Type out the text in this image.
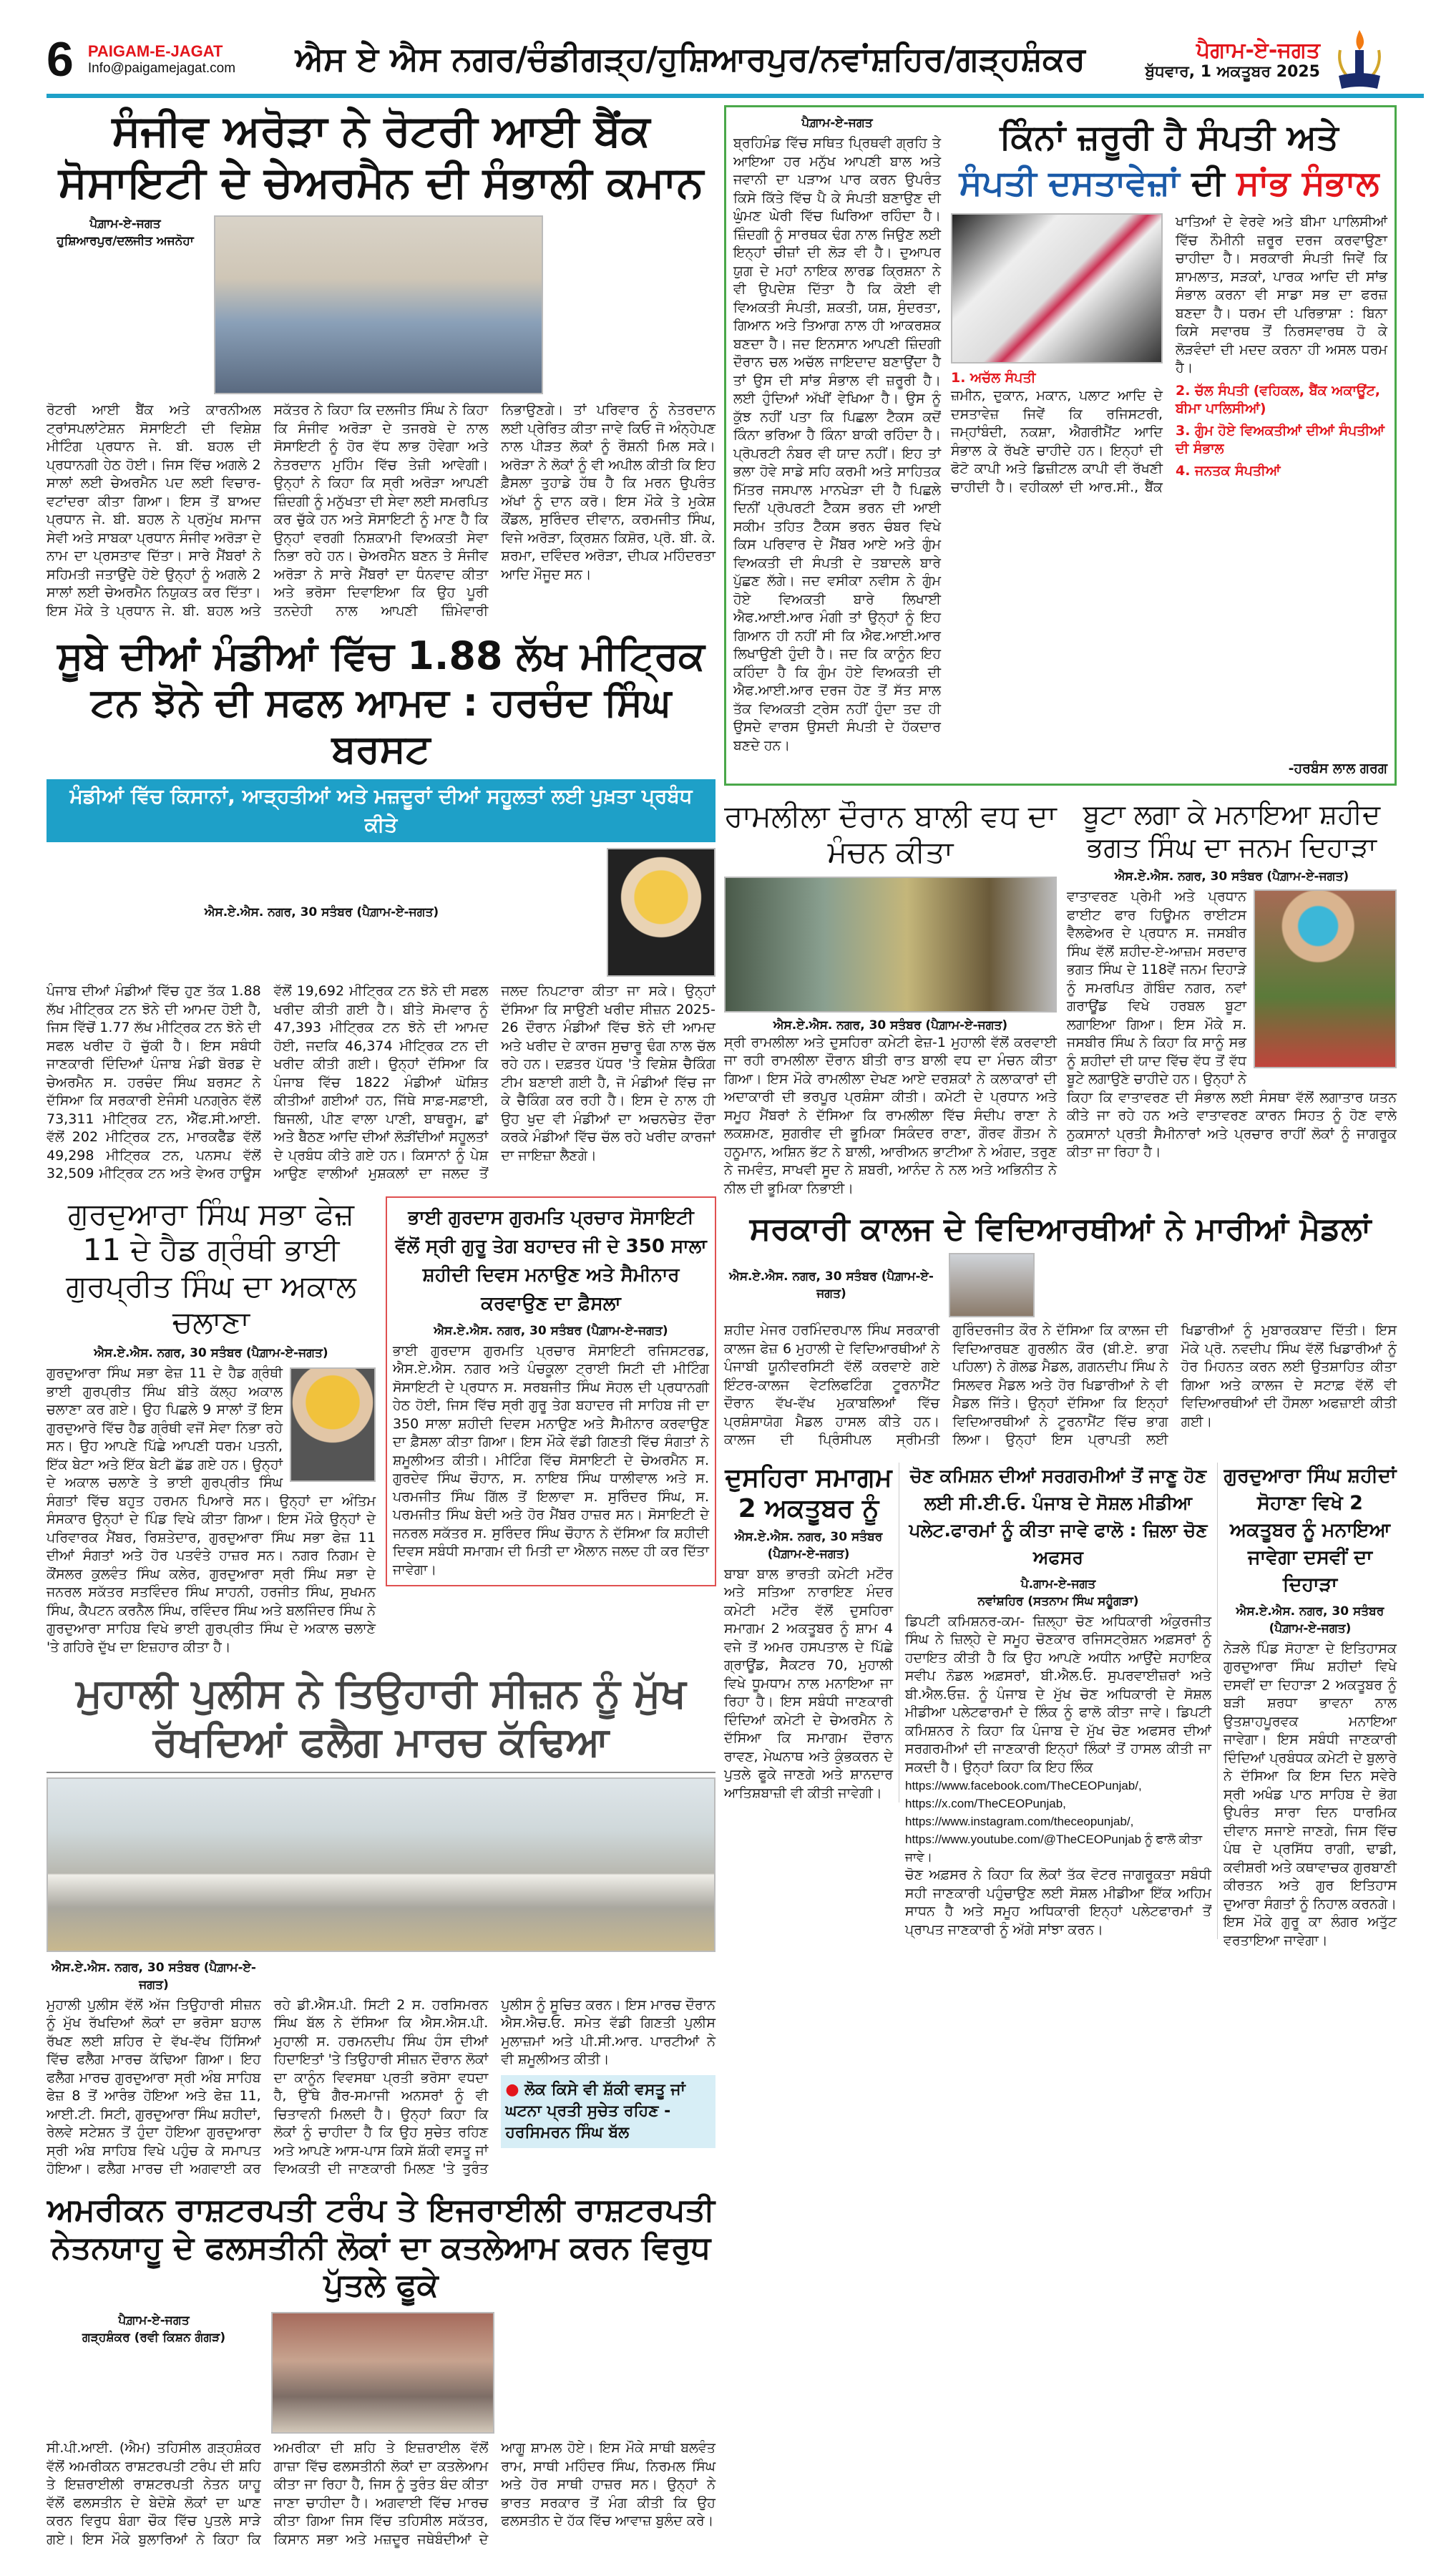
6 PAIGAM-E-JAGAT
Info@paigamejagat.com	ਐਸ ਏ ਐਸ ਨਗਰ/ਚੰਡੀਗੜ੍ਹ/ਹੁਸ਼ਿਆਰਪੁਰ/ਨਵਾਂਸ਼ਹਿਰ/ਗੜ੍ਹਸ਼ੰਕਰ	ਪੈਗਾਮ-ਏ-ਜਗਤ
ਬੁੱਧਵਾਰ, 1 ਅਕਤੂਬਰ 2025
ਸੰਜੀਵ ਅਰੋੜਾ ਨੇ ਰੋਟਰੀ ਆਈ ਬੈਂਕ ਸੋਸਾਇਟੀ ਦੇ ਚੇਅਰਮੈਨ ਦੀ ਸੰਭਾਲੀ ਕਮਾਨ
ਪੈਗ਼ਾਮ-ਏ-ਜਗਤ
ਹੁਸ਼ਿਆਰਪੁਰ/ਦਲਜੀਤ ਅਜਨੋਹਾ
ਰੋਟਰੀ ਆਈ ਬੈਂਕ ਅਤੇ ਕਾਰਨੀਅਲ ਟ੍ਰਾਂਸਪਲਾਂਟੇਸ਼ਨ ਸੋਸਾਇਟੀ ਦੀ ਵਿਸ਼ੇਸ਼ ਮੀਟਿੰਗ ਪ੍ਰਧਾਨ ਜੇ. ਬੀ. ਬਹਲ ਦੀ ਪ੍ਰਧਾਨਗੀ ਹੇਠ ਹੋਈ। ਜਿਸ ਵਿੱਚ ਅਗਲੇ 2 ਸਾਲਾਂ ਲਈ ਚੇਅਰਮੈਨ ਪਦ ਲਈ ਵਿਚਾਰ-ਵਟਾਂਦਰਾ ਕੀਤਾ ਗਿਆ। ਇਸ ਤੋਂ ਬਾਅਦ ਪ੍ਰਧਾਨ ਜੇ. ਬੀ. ਬਹਲ ਨੇ ਪ੍ਰਮੁੱਖ ਸਮਾਜ ਸੇਵੀ ਅਤੇ ਸਾਬਕਾ ਪ੍ਰਧਾਨ ਸੰਜੀਵ ਅਰੋੜਾ ਦੇ ਨਾਮ ਦਾ ਪ੍ਰਸਤਾਵ ਦਿੱਤਾ। ਸਾਰੇ ਮੈਂਬਰਾਂ ਨੇ ਸਹਿਮਤੀ ਜਤਾਉਂਦੇ ਹੋਏ ਉਨ੍ਹਾਂ ਨੂੰ ਅਗਲੇ 2 ਸਾਲਾਂ ਲਈ ਚੇਅਰਮੈਨ ਨਿਯੁਕਤ ਕਰ ਦਿੱਤਾ। ਇਸ ਮੌਕੇ ਤੇ ਪ੍ਰਧਾਨ ਜੇ. ਬੀ. ਬਹਲ ਅਤੇ ਸਕੱਤਰ ਨੇ ਕਿਹਾ ਕਿ ਦਲਜੀਤ ਸਿੰਘ ਨੇ ਕਿਹਾ ਕਿ ਸੰਜੀਵ ਅਰੋੜਾ ਦੇ ਤਜਰਬੇ ਦੇ ਨਾਲ ਸੋਸਾਇਟੀ ਨੂੰ ਹੋਰ ਵੱਧ ਲਾਭ ਹੋਵੇਗਾ ਅਤੇ ਨੇਤਰਦਾਨ ਮੁਹਿੰਮ ਵਿੱਚ ਤੇਜ਼ੀ ਆਵੇਗੀ। ਉਨ੍ਹਾਂ ਨੇ ਕਿਹਾ ਕਿ ਸ੍ਰੀ ਅਰੋੜਾ ਆਪਣੀ ਜ਼ਿੰਦਗੀ ਨੂੰ ਮਨੁੱਖਤਾ ਦੀ ਸੇਵਾ ਲਈ ਸਮਰਪਿਤ ਕਰ ਚੁੱਕੇ ਹਨ ਅਤੇ ਸੋਸਾਇਟੀ ਨੂੰ ਮਾਣ ਹੈ ਕਿ ਉਨ੍ਹਾਂ ਵਰਗੀ ਨਿਸ਼ਕਾਮੀ ਵਿਅਕਤੀ ਸੇਵਾ ਨਿਭਾ ਰਹੇ ਹਨ। ਚੇਅਰਮੈਨ ਬਣਨ ਤੇ ਸੰਜੀਵ ਅਰੋੜਾ ਨੇ ਸਾਰੇ ਮੈਂਬਰਾਂ ਦਾ ਧੰਨਵਾਦ ਕੀਤਾ ਅਤੇ ਭਰੋਸਾ ਦਿਵਾਇਆ ਕਿ ਉਹ ਪੂਰੀ ਤਨਦੇਹੀ ਨਾਲ ਆਪਣੀ ਜ਼ਿੰਮੇਵਾਰੀ ਨਿਭਾਉਣਗੇ। ਤਾਂ ਪਰਿਵਾਰ ਨੂੰ ਨੇਤਰਦਾਨ ਲਈ ਪ੍ਰੇਰਿਤ ਕੀਤਾ ਜਾਵੇ ਕਿਓ ਜੋ ਅੰਨ੍ਹੇਪਣ ਨਾਲ ਪੀੜਤ ਲੋਕਾਂ ਨੂੰ ਰੌਸ਼ਨੀ ਮਿਲ ਸਕੇ। ਅਰੋੜਾ ਨੇ ਲੋਕਾਂ ਨੂੰ ਵੀ ਅਪੀਲ ਕੀਤੀ ਕਿ ਇਹ ਫ਼ੈਸਲਾ ਤੁਹਾਡੇ ਹੱਥ ਹੈ ਕਿ ਮਰਨ ਉਪਰੰਤ ਅੱਖਾਂ ਨੂੰ ਦਾਨ ਕਰੋ। ਇਸ ਮੌਕੇ ਤੇ ਮੁਕੇਸ਼ ਕੌਂਡਲ, ਸੁਰਿੰਦਰ ਦੀਵਾਨ, ਕਰਮਜੀਤ ਸਿੰਘ, ਵਿਜੇ ਅਰੋੜਾ, ਕ੍ਰਿਸ਼ਨ ਕਿਸ਼ੋਰ, ਪ੍ਰੋ. ਬੀ. ਕੇ. ਸ਼ਰਮਾ, ਦਵਿੰਦਰ ਅਰੋੜਾ, ਦੀਪਕ ਮਹਿੰਦਰਤਾ ਆਦਿ ਮੌਜੂਦ ਸਨ।
ਸੂਬੇ ਦੀਆਂ ਮੰਡੀਆਂ ਵਿੱਚ 1.88 ਲੱਖ ਮੀਟ੍ਰਿਕ ਟਨ ਝੋਨੇ ਦੀ ਸਫਲ ਆਮਦ : ਹਰਚੰਦ ਸਿੰਘ ਬਰਸਟ
ਮੰਡੀਆਂ ਵਿੱਚ ਕਿਸਾਨਾਂ, ਆੜ੍ਹਤੀਆਂ ਅਤੇ ਮਜ਼ਦੂਰਾਂ ਦੀਆਂ ਸਹੂਲਤਾਂ ਲਈ ਪੁਖ਼ਤਾ ਪ੍ਰਬੰਧ ਕੀਤੇ
ਐਸ.ਏ.ਐਸ. ਨਗਰ, 30 ਸਤੰਬਰ (ਪੈਗ਼ਾਮ-ਏ-ਜਗਤ)
ਪੰਜਾਬ ਦੀਆਂ ਮੰਡੀਆਂ ਵਿੱਚ ਹੁਣ ਤੱਕ 1.88 ਲੱਖ ਮੀਟ੍ਰਿਕ ਟਨ ਝੋਨੇ ਦੀ ਆਮਦ ਹੋਈ ਹੈ, ਜਿਸ ਵਿੱਚੋਂ 1.77 ਲੱਖ ਮੀਟ੍ਰਿਕ ਟਨ ਝੋਨੇ ਦੀ ਸਫਲ ਖਰੀਦ ਹੋ ਚੁੱਕੀ ਹੈ। ਇਸ ਸਬੰਧੀ ਜਾਣਕਾਰੀ ਦਿੰਦਿਆਂ ਪੰਜਾਬ ਮੰਡੀ ਬੋਰਡ ਦੇ ਚੇਅਰਮੈਨ ਸ. ਹਰਚੰਦ ਸਿੰਘ ਬਰਸਟ ਨੇ ਦੱਸਿਆ ਕਿ ਸਰਕਾਰੀ ਏਜੰਸੀ ਪਨਗ੍ਰੇਨ ਵੱਲੋਂ 73,311 ਮੀਟ੍ਰਿਕ ਟਨ, ਐੱਫ.ਸੀ.ਆਈ. ਵੱਲੋਂ 202 ਮੀਟ੍ਰਿਕ ਟਨ, ਮਾਰਕਫੈੱਡ ਵੱਲੋਂ 49,298 ਮੀਟ੍ਰਿਕ ਟਨ, ਪਨਸਪ ਵੱਲੋਂ 32,509 ਮੀਟ੍ਰਿਕ ਟਨ ਅਤੇ ਵੇਅਰ ਹਾਊਸ ਵੱਲੋਂ 19,692 ਮੀਟ੍ਰਿਕ ਟਨ ਝੋਨੇ ਦੀ ਸਫਲ ਖਰੀਦ ਕੀਤੀ ਗਈ ਹੈ। ਬੀਤੇ ਸੋਮਵਾਰ ਨੂੰ 47,393 ਮੀਟ੍ਰਿਕ ਟਨ ਝੋਨੇ ਦੀ ਆਮਦ ਹੋਈ, ਜਦਕਿ 46,374 ਮੀਟ੍ਰਿਕ ਟਨ ਦੀ ਖਰੀਦ ਕੀਤੀ ਗਈ। ਉਨ੍ਹਾਂ ਦੱਸਿਆ ਕਿ ਪੰਜਾਬ ਵਿੱਚ 1822 ਮੰਡੀਆਂ ਘੋਸ਼ਿਤ ਕੀਤੀਆਂ ਗਈਆਂ ਹਨ, ਜਿੱਥੇ ਸਾਫ਼-ਸਫ਼ਾਈ, ਬਿਜਲੀ, ਪੀਣ ਵਾਲਾ ਪਾਣੀ, ਬਾਥਰੂਮ, ਛਾਂ ਅਤੇ ਬੈਠਣ ਆਦਿ ਦੀਆਂ ਲੋੜੀਂਦੀਆਂ ਸਹੂਲਤਾਂ ਦੇ ਪ੍ਰਬੰਧ ਕੀਤੇ ਗਏ ਹਨ। ਕਿਸਾਨਾਂ ਨੂੰ ਪੇਸ਼ ਆਉਣ ਵਾਲੀਆਂ ਮੁਸ਼ਕਲਾਂ ਦਾ ਜਲਦ ਤੋਂ ਜਲਦ ਨਿਪਟਾਰਾ ਕੀਤਾ ਜਾ ਸਕੇ। ਉਨ੍ਹਾਂ ਦੱਸਿਆ ਕਿ ਸਾਉਣੀ ਖਰੀਦ ਸੀਜ਼ਨ 2025-26 ਦੌਰਾਨ ਮੰਡੀਆਂ ਵਿੱਚ ਝੋਨੇ ਦੀ ਆਮਦ ਅਤੇ ਖਰੀਦ ਦੇ ਕਾਰਜ ਸੁਚਾਰੂ ਢੰਗ ਨਾਲ ਚੱਲ ਰਹੇ ਹਨ। ਦਫ਼ਤਰ ਪੱਧਰ 'ਤੇ ਵਿਸ਼ੇਸ਼ ਚੈਕਿੰਗ ਟੀਮ ਬਣਾਈ ਗਈ ਹੈ, ਜੋ ਮੰਡੀਆਂ ਵਿੱਚ ਜਾ ਕੇ ਚੈਕਿੰਗ ਕਰ ਰਹੀ ਹੈ। ਇਸ ਦੇ ਨਾਲ ਹੀ ਉਹ ਖੁਦ ਵੀ ਮੰਡੀਆਂ ਦਾ ਅਚਨਚੇਤ ਦੌਰਾ ਕਰਕੇ ਮੰਡੀਆਂ ਵਿੱਚ ਚੱਲ ਰਹੇ ਖਰੀਦ ਕਾਰਜਾਂ ਦਾ ਜਾਇਜ਼ਾ ਲੈਣਗੇ।
ਗੁਰਦੁਆਰਾ ਸਿੰਘ ਸਭਾ ਫੇਜ਼ 11 ਦੇ ਹੈਡ ਗ੍ਰੰਥੀ ਭਾਈ ਗੁਰਪ੍ਰੀਤ ਸਿੰਘ ਦਾ ਅਕਾਲ ਚਲਾਣਾ
ਐਸ.ਏ.ਐਸ. ਨਗਰ, 30 ਸਤੰਬਰ (ਪੈਗ਼ਾਮ-ਏ-ਜਗਤ)
ਗੁਰਦੁਆਰਾ ਸਿੰਘ ਸਭਾ ਫੇਜ਼ 11 ਦੇ ਹੈਡ ਗ੍ਰੰਥੀ ਭਾਈ ਗੁਰਪ੍ਰੀਤ ਸਿੰਘ ਬੀਤੇ ਕੱਲ੍ਹ ਅਕਾਲ ਚਲਾਣਾ ਕਰ ਗਏ। ਉਹ ਪਿਛਲੇ 9 ਸਾਲਾਂ ਤੋਂ ਇਸ ਗੁਰਦੁਆਰੇ ਵਿੱਚ ਹੈਡ ਗ੍ਰੰਥੀ ਵਜੋਂ ਸੇਵਾ ਨਿਭਾ ਰਹੇ ਸਨ। ਉਹ ਆਪਣੇ ਪਿੱਛੇ ਆਪਣੀ ਧਰਮ ਪਤਨੀ, ਇੱਕ ਬੇਟਾ ਅਤੇ ਇੱਕ ਬੇਟੀ ਛੱਡ ਗਏ ਹਨ। ਉਨ੍ਹਾਂ ਦੇ ਅਕਾਲ ਚਲਾਣੇ ਤੇ ਭਾਈ ਗੁਰਪ੍ਰੀਤ ਸਿੰਘ ਸੰਗਤਾਂ ਵਿੱਚ ਬਹੁਤ ਹਰਮਨ ਪਿਆਰੇ ਸਨ। ਉਨ੍ਹਾਂ ਦਾ ਅੰਤਿਮ ਸੰਸਕਾਰ ਉਨ੍ਹਾਂ ਦੇ ਪਿੰਡ ਵਿਖੇ ਕੀਤਾ ਗਿਆ। ਇਸ ਮੌਕੇ ਉਨ੍ਹਾਂ ਦੇ ਪਰਿਵਾਰਕ ਮੈਂਬਰ, ਰਿਸ਼ਤੇਦਾਰ, ਗੁਰਦੁਆਰਾ ਸਿੰਘ ਸਭਾ ਫੇਜ਼ 11 ਦੀਆਂ ਸੰਗਤਾਂ ਅਤੇ ਹੋਰ ਪਤਵੰਤੇ ਹਾਜ਼ਰ ਸਨ। ਨਗਰ ਨਿਗਮ ਦੇ ਕੌਂਸਲਰ ਕੁਲਵੰਤ ਸਿੰਘ ਕਲੇਰ, ਗੁਰਦੁਆਰਾ ਸ੍ਰੀ ਸਿੰਘ ਸਭਾ ਦੇ ਜਨਰਲ ਸਕੱਤਰ ਸਤਵਿੰਦਰ ਸਿੰਘ ਸਾਹਨੀ, ਹਰਜੀਤ ਸਿੰਘ, ਸੁਖਮਨ ਸਿੰਘ, ਕੈਪਟਨ ਕਰਨੈਲ ਸਿੰਘ, ਰਵਿੰਦਰ ਸਿੰਘ ਅਤੇ ਬਲਜਿੰਦਰ ਸਿੰਘ ਨੇ ਗੁਰਦੁਆਰਾ ਸਾਹਿਬ ਵਿਖੇ ਭਾਈ ਗੁਰਪ੍ਰੀਤ ਸਿੰਘ ਦੇ ਅਕਾਲ ਚਲਾਣੇ 'ਤੇ ਗਹਿਰੇ ਦੁੱਖ ਦਾ ਇਜ਼ਹਾਰ ਕੀਤਾ ਹੈ।
ਭਾਈ ਗੁਰਦਾਸ ਗੁਰਮਤਿ ਪ੍ਰਚਾਰ ਸੋਸਾਇਟੀ ਵੱਲੋਂ ਸ੍ਰੀ ਗੁਰੂ ਤੇਗ ਬਹਾਦਰ ਜੀ ਦੇ 350 ਸਾਲਾ ਸ਼ਹੀਦੀ ਦਿਵਸ ਮਨਾਉਣ ਅਤੇ ਸੈਮੀਨਾਰ ਕਰਵਾਉਣ ਦਾ ਫ਼ੈਸਲਾ
ਐਸ.ਏ.ਐਸ. ਨਗਰ, 30 ਸਤੰਬਰ (ਪੈਗ਼ਾਮ-ਏ-ਜਗਤ)
ਭਾਈ ਗੁਰਦਾਸ ਗੁਰਮਤਿ ਪ੍ਰਚਾਰ ਸੋਸਾਇਟੀ ਰਜਿਸਟਰਡ, ਐਸ.ਏ.ਐਸ. ਨਗਰ ਅਤੇ ਪੰਚਕੂਲਾ ਟ੍ਰਾਈ ਸਿਟੀ ਦੀ ਮੀਟਿੰਗ ਸੋਸਾਇਟੀ ਦੇ ਪ੍ਰਧਾਨ ਸ. ਸਰਬਜੀਤ ਸਿੰਘ ਸੋਹਲ ਦੀ ਪ੍ਰਧਾਨਗੀ ਹੇਠ ਹੋਈ, ਜਿਸ ਵਿੱਚ ਸ੍ਰੀ ਗੁਰੂ ਤੇਗ ਬਹਾਦਰ ਜੀ ਸਾਹਿਬ ਜੀ ਦਾ 350 ਸਾਲਾ ਸ਼ਹੀਦੀ ਦਿਵਸ ਮਨਾਉਣ ਅਤੇ ਸੈਮੀਨਾਰ ਕਰਵਾਉਣ ਦਾ ਫ਼ੈਸਲਾ ਕੀਤਾ ਗਿਆ। ਇਸ ਮੌਕੇ ਵੱਡੀ ਗਿਣਤੀ ਵਿੱਚ ਸੰਗਤਾਂ ਨੇ ਸ਼ਮੂਲੀਅਤ ਕੀਤੀ। ਮੀਟਿੰਗ ਵਿੱਚ ਸੋਸਾਇਟੀ ਦੇ ਚੇਅਰਮੈਨ ਸ. ਗੁਰਦੇਵ ਸਿੰਘ ਚੌਹਾਨ, ਸ. ਨਾਇਬ ਸਿੰਘ ਧਾਲੀਵਾਲ ਅਤੇ ਸ. ਪਰਮਜੀਤ ਸਿੰਘ ਗਿੱਲ ਤੋਂ ਇਲਾਵਾ ਸ. ਸੁਰਿੰਦਰ ਸਿੰਘ, ਸ. ਪਰਮਜੀਤ ਸਿੰਘ ਬੇਦੀ ਅਤੇ ਹੋਰ ਮੈਂਬਰ ਹਾਜ਼ਰ ਸਨ। ਸੋਸਾਇਟੀ ਦੇ ਜਨਰਲ ਸਕੱਤਰ ਸ. ਸੁਰਿੰਦਰ ਸਿੰਘ ਚੌਹਾਨ ਨੇ ਦੱਸਿਆ ਕਿ ਸ਼ਹੀਦੀ ਦਿਵਸ ਸਬੰਧੀ ਸਮਾਗਮ ਦੀ ਮਿਤੀ ਦਾ ਐਲਾਨ ਜਲਦ ਹੀ ਕਰ ਦਿੱਤਾ ਜਾਵੇਗਾ।
ਮੁਹਾਲੀ ਪੁਲੀਸ ਨੇ ਤਿਉਹਾਰੀ ਸੀਜ਼ਨ ਨੂੰ ਮੁੱਖ ਰੱਖਦਿਆਂ ਫਲੈਗ ਮਾਰਚ ਕੱਢਿਆ
ਐਸ.ਏ.ਐਸ. ਨਗਰ, 30 ਸਤੰਬਰ (ਪੈਗ਼ਾਮ-ਏ-ਜਗਤ)
ਮੁਹਾਲੀ ਪੁਲੀਸ ਵੱਲੋਂ ਅੱਜ ਤਿਉਹਾਰੀ ਸੀਜ਼ਨ ਨੂੰ ਮੁੱਖ ਰੱਖਦਿਆਂ ਲੋਕਾਂ ਦਾ ਭਰੋਸਾ ਬਹਾਲ ਰੱਖਣ ਲਈ ਸ਼ਹਿਰ ਦੇ ਵੱਖ-ਵੱਖ ਹਿੱਸਿਆਂ ਵਿੱਚ ਫਲੈਗ ਮਾਰਚ ਕੱਢਿਆ ਗਿਆ। ਇਹ ਫਲੈਗ ਮਾਰਚ ਗੁਰਦੁਆਰਾ ਸ੍ਰੀ ਅੰਬ ਸਾਹਿਬ ਫੇਜ਼ 8 ਤੋਂ ਆਰੰਭ ਹੋਇਆ ਅਤੇ ਫੇਜ਼ 11, ਆਈ.ਟੀ. ਸਿਟੀ, ਗੁਰਦੁਆਰਾ ਸਿੰਘ ਸ਼ਹੀਦਾਂ, ਰੇਲਵੇ ਸਟੇਸ਼ਨ ਤੋਂ ਹੁੰਦਾ ਹੋਇਆ ਗੁਰਦੁਆਰਾ ਸ੍ਰੀ ਅੰਬ ਸਾਹਿਬ ਵਿਖੇ ਪਹੁੰਚ ਕੇ ਸਮਾਪਤ ਹੋਇਆ। ਫਲੈਗ ਮਾਰਚ ਦੀ ਅਗਵਾਈ ਕਰ ਰਹੇ ਡੀ.ਐਸ.ਪੀ. ਸਿਟੀ 2 ਸ. ਹਰਸਿਮਰਨ ਸਿੰਘ ਬੱਲ ਨੇ ਦੱਸਿਆ ਕਿ ਐਸ.ਐਸ.ਪੀ. ਮੁਹਾਲੀ ਸ. ਹਰਮਨਦੀਪ ਸਿੰਘ ਹੰਸ ਦੀਆਂ ਹਿਦਾਇਤਾਂ 'ਤੇ ਤਿਉਹਾਰੀ ਸੀਜ਼ਨ ਦੌਰਾਨ ਲੋਕਾਂ ਦਾ ਕਾਨੂੰਨ ਵਿਵਸਥਾ ਪ੍ਰਤੀ ਭਰੋਸਾ ਵਧਦਾ ਹੈ, ਉੱਥੇ ਗੈਰ-ਸਮਾਜੀ ਅਨਸਰਾਂ ਨੂੰ ਵੀ ਚਿਤਾਵਨੀ ਮਿਲਦੀ ਹੈ। ਉਨ੍ਹਾਂ ਕਿਹਾ ਕਿ ਲੋਕਾਂ ਨੂੰ ਚਾਹੀਦਾ ਹੈ ਕਿ ਉਹ ਸੁਚੇਤ ਰਹਿਣ ਅਤੇ ਆਪਣੇ ਆਸ-ਪਾਸ ਕਿਸੇ ਸ਼ੱਕੀ ਵਸਤੂ ਜਾਂ ਵਿਅਕਤੀ ਦੀ ਜਾਣਕਾਰੀ ਮਿਲਣ 'ਤੇ ਤੁਰੰਤ ਪੁਲੀਸ ਨੂੰ ਸੂਚਿਤ ਕਰਨ। ਇਸ ਮਾਰਚ ਦੌਰਾਨ ਐਸ.ਐਚ.ਓ. ਸਮੇਤ ਵੱਡੀ ਗਿਣਤੀ ਪੁਲੀਸ ਮੁਲਾਜ਼ਮਾਂ ਅਤੇ ਪੀ.ਸੀ.ਆਰ. ਪਾਰਟੀਆਂ ਨੇ ਵੀ ਸ਼ਮੂਲੀਅਤ ਕੀਤੀ।
● ਲੋਕ ਕਿਸੇ ਵੀ ਸ਼ੱਕੀ ਵਸਤੂ ਜਾਂ ਘਟਨਾ ਪ੍ਰਤੀ ਸੁਚੇਤ ਰਹਿਣ - ਹਰਸਿਮਰਨ ਸਿੰਘ ਬੱਲ
ਅਮਰੀਕਨ ਰਾਸ਼ਟਰਪਤੀ ਟਰੰਪ ਤੇ ਇਜਰਾਈਲੀ ਰਾਸ਼ਟਰਪਤੀ ਨੇਤਨਯਾਹੂ ਦੇ ਫਲਸਤੀਨੀ ਲੋਕਾਂ ਦਾ ਕਤਲੇਆਮ ਕਰਨ ਵਿਰੁਧ ਪੁੱਤਲੇ ਫੂਕੇ
ਪੈਗ਼ਾਮ-ਏ-ਜਗਤ
ਗੜ੍ਹਸ਼ੰਕਰ (ਰਵੀ ਕਿਸ਼ਨ ਗੰਗੜ)
ਸੀ.ਪੀ.ਆਈ. (ਐਮ) ਤਹਿਸੀਲ ਗੜ੍ਹਸ਼ੰਕਰ ਵੱਲੋਂ ਅਮਰੀਕਨ ਰਾਸ਼ਟਰਪਤੀ ਟਰੰਪ ਦੀ ਸ਼ਹਿ ਤੇ ਇਜ਼ਰਾਈਲੀ ਰਾਸ਼ਟਰਪਤੀ ਨੇਤਨ ਯਾਹੂ ਵੱਲੋਂ ਫਲਸਤੀਨ ਦੇ ਬੇਦੋਸ਼ੇ ਲੋਕਾਂ ਦਾ ਘਾਣ ਕਰਨ ਵਿਰੁਧ ਬੰਗਾ ਚੌਕ ਵਿੱਚ ਪੁਤਲੇ ਸਾੜੇ ਗਏ। ਇਸ ਮੌਕੇ ਬੁਲਾਰਿਆਂ ਨੇ ਕਿਹਾ ਕਿ ਅਮਰੀਕਾ ਦੀ ਸ਼ਹਿ ਤੇ ਇਜ਼ਰਾਈਲ ਵੱਲੋਂ ਗਾਜ਼ਾ ਵਿੱਚ ਫਲਸਤੀਨੀ ਲੋਕਾਂ ਦਾ ਕਤਲੇਆਮ ਕੀਤਾ ਜਾ ਰਿਹਾ ਹੈ, ਜਿਸ ਨੂੰ ਤੁਰੰਤ ਬੰਦ ਕੀਤਾ ਜਾਣਾ ਚਾਹੀਦਾ ਹੈ। ਅਗਵਾਈ ਵਿੱਚ ਮਾਰਚ ਕੀਤਾ ਗਿਆ ਜਿਸ ਵਿੱਚ ਤਹਿਸੀਲ ਸਕੱਤਰ, ਕਿਸਾਨ ਸਭਾ ਅਤੇ ਮਜ਼ਦੂਰ ਜਥੇਬੰਦੀਆਂ ਦੇ ਆਗੂ ਸ਼ਾਮਲ ਹੋਏ। ਇਸ ਮੌਕੇ ਸਾਥੀ ਬਲਵੰਤ ਰਾਮ, ਸਾਥੀ ਮਹਿੰਦਰ ਸਿੰਘ, ਨਿਰਮਲ ਸਿੰਘ ਅਤੇ ਹੋਰ ਸਾਥੀ ਹਾਜ਼ਰ ਸਨ। ਉਨ੍ਹਾਂ ਨੇ ਭਾਰਤ ਸਰਕਾਰ ਤੋਂ ਮੰਗ ਕੀਤੀ ਕਿ ਉਹ ਫਲਸਤੀਨ ਦੇ ਹੱਕ ਵਿੱਚ ਆਵਾਜ਼ ਬੁਲੰਦ ਕਰੇ।
ਪੈਗ਼ਾਮ-ਏ-ਜਗਤ
ਬ੍ਰਹਿਮੰਡ ਵਿੱਚ ਸਥਿਤ ਪ੍ਰਿਥਵੀ ਗ੍ਰਹਿ ਤੇ ਆਇਆ ਹਰ ਮਨੁੱਖ ਆਪਣੀ ਬਾਲ ਅਤੇ ਜਵਾਨੀ ਦਾ ਪੜਾਅ ਪਾਰ ਕਰਨ ਉਪਰੰਤ ਕਿਸੇ ਕਿੱਤੇ ਵਿੱਚ ਪੈ ਕੇ ਸੰਪਤੀ ਬਣਾਉਣ ਦੀ ਘੁੰਮਣ ਘੇਰੀ ਵਿੱਚ ਘਿਰਿਆ ਰਹਿੰਦਾ ਹੈ। ਜ਼ਿੰਦਗੀ ਨੂੰ ਸਾਰਥਕ ਢੰਗ ਨਾਲ ਜਿਉਣ ਲਈ ਇਨ੍ਹਾਂ ਚੀਜ਼ਾਂ ਦੀ ਲੋੜ ਵੀ ਹੈ। ਦੁਆਪਰ ਯੁਗ ਦੇ ਮਹਾਂ ਨਾਇਕ ਲਾਰਡ ਕ੍ਰਿਸ਼ਨਾ ਨੇ ਵੀ ਉਪਦੇਸ਼ ਦਿੱਤਾ ਹੈ ਕਿ ਕੋਈ ਵੀ ਵਿਅਕਤੀ ਸੰਪਤੀ, ਸ਼ਕਤੀ, ਯਸ਼, ਸੁੰਦਰਤਾ, ਗਿਆਨ ਅਤੇ ਤਿਆਗ ਨਾਲ ਹੀ ਆਕਰਸ਼ਕ ਬਣਦਾ ਹੈ। ਜਦ ਇਨਸਾਨ ਆਪਣੀ ਜ਼ਿੰਦਗੀ ਦੌਰਾਨ ਚਲ ਅਚੱਲ ਜਾਇਦਾਦ ਬਣਾਉਂਦਾ ਹੈ ਤਾਂ ਉਸ ਦੀ ਸਾਂਭ ਸੰਭਾਲ ਵੀ ਜ਼ਰੂਰੀ ਹੈ। ਲਈ ਹੁੰਦਿਆਂ ਅੱਖੀਂ ਵੇਖਿਆ ਹੈ। ਉਸ ਨੂੰ ਕੁੱਝ ਨਹੀਂ ਪਤਾ ਕਿ ਪਿਛਲਾ ਟੈਕਸ ਕਦੋਂ ਕਿੰਨਾ ਭਰਿਆ ਹੈ ਕਿੰਨਾ ਬਾਕੀ ਰਹਿੰਦਾ ਹੈ। ਪ੍ਰੋਪਰਟੀ ਨੰਬਰ ਵੀ ਯਾਦ ਨਹੀਂ। ਇਹ ਤਾਂ ਭਲਾ ਹੋਵੇ ਸਾਡੇ ਸਹਿ ਕਰਮੀ ਅਤੇ ਸਾਹਿਤਕ ਮਿੱਤਰ ਜਸਪਾਲ ਮਾਨਖੇੜਾ ਦੀ ਹੈ ਪਿਛਲੇ ਦਿਨੀਂ ਪ੍ਰੋਪਰਟੀ ਟੈਕਸ ਭਰਨ ਦੀ ਆਈ ਸਕੀਮ ਤਹਿਤ ਟੈਕਸ ਭਰਨ ਚੰਬਰ ਵਿਖੇ ਕਿਸ ਪਰਿਵਾਰ ਦੇ ਮੈਂਬਰ ਆਏ ਅਤੇ ਗੁੰਮ ਵਿਅਕਤੀ ਦੀ ਸੰਪਤੀ ਦੇ ਤਬਾਦਲੇ ਬਾਰੇ ਪੁੱਛਣ ਲੱਗੇ। ਜਦ ਵਸੀਕਾ ਨਵੀਸ ਨੇ ਗੁੰਮ ਹੋਏ ਵਿਅਕਤੀ ਬਾਰੇ ਲਿਖਾਈ ਐਫ.ਆਈ.ਆਰ ਮੰਗੀ ਤਾਂ ਉਨ੍ਹਾਂ ਨੂੰ ਇਹ ਗਿਆਨ ਹੀ ਨਹੀਂ ਸੀ ਕਿ ਐਫ.ਆਈ.ਆਰ ਲਿਖਾਉਣੀ ਹੁੰਦੀ ਹੈ। ਜਦ ਕਿ ਕਾਨੂੰਨ ਇਹ ਕਹਿੰਦਾ ਹੈ ਕਿ ਗੁੰਮ ਹੋਏ ਵਿਅਕਤੀ ਦੀ ਐਫ.ਆਈ.ਆਰ ਦਰਜ ਹੋਣ ਤੋਂ ਸੱਤ ਸਾਲ ਤੱਕ ਵਿਅਕਤੀ ਟ੍ਰੇਸ ਨਹੀਂ ਹੁੰਦਾ ਤਦ ਹੀ ਉਸਦੇ ਵਾਰਸ ਉਸਦੀ ਸੰਪਤੀ ਦੇ ਹੱਕਦਾਰ ਬਣਦੇ ਹਨ।
ਕਿੰਨਾਂ ਜ਼ਰੂਰੀ ਹੈ ਸੰਪਤੀ ਅਤੇ
ਸੰਪਤੀ ਦਸਤਾਵੇਜ਼ਾਂ ਦੀ ਸਾਂਭ ਸੰਭਾਲ
1. ਅਚੱਲ ਸੰਪਤੀ
ਜ਼ਮੀਨ, ਦੁਕਾਨ, ਮਕਾਨ, ਪਲਾਟ ਆਦਿ ਦੇ ਦਸਤਾਵੇਜ਼ ਜਿਵੇਂ ਕਿ ਰਜਿਸਟਰੀ, ਜਮ੍ਹਾਂਬੰਦੀ, ਨਕਸ਼ਾ, ਐਗਰੀਮੈਂਟ ਆਦਿ ਸੰਭਾਲ ਕੇ ਰੱਖਣੇ ਚਾਹੀਦੇ ਹਨ। ਇਨ੍ਹਾਂ ਦੀ ਫੋਟੋ ਕਾਪੀ ਅਤੇ ਡਿਜ਼ੀਟਲ ਕਾਪੀ ਵੀ ਰੱਖਣੀ ਚਾਹੀਦੀ ਹੈ। ਵਹੀਕਲਾਂ ਦੀ ਆਰ.ਸੀ., ਬੈਂਕ ਖਾਤਿਆਂ ਦੇ ਵੇਰਵੇ ਅਤੇ ਬੀਮਾ ਪਾਲਿਸੀਆਂ ਵਿੱਚ ਨੌਮੀਨੀ ਜ਼ਰੂਰ ਦਰਜ ਕਰਵਾਉਣਾ ਚਾਹੀਦਾ ਹੈ। ਸਰਕਾਰੀ ਸੰਪਤੀ ਜਿਵੇਂ ਕਿ ਸ਼ਾਮਲਾਤ, ਸੜਕਾਂ, ਪਾਰਕ ਆਦਿ ਦੀ ਸਾਂਭ ਸੰਭਾਲ ਕਰਨਾ ਵੀ ਸਾਡਾ ਸਭ ਦਾ ਫਰਜ਼ ਬਣਦਾ ਹੈ। ਧਰਮ ਦੀ ਪਰਿਭਾਸ਼ਾ : ਬਿਨਾ ਕਿਸੇ ਸਵਾਰਥ ਤੋਂ ਨਿਰਸਵਾਰਥ ਹੋ ਕੇ ਲੋੜਵੰਦਾਂ ਦੀ ਮਦਦ ਕਰਨਾ ਹੀ ਅਸਲ ਧਰਮ ਹੈ।
2. ਚੱਲ ਸੰਪਤੀ (ਵਹਿਕਲ, ਬੈਂਕ ਅਕਾਊਂਟ, ਬੀਮਾ ਪਾਲਿਸੀਆਂ)
3. ਗੁੰਮ ਹੋਏ ਵਿਅਕਤੀਆਂ ਦੀਆਂ ਸੰਪਤੀਆਂ ਦੀ ਸੰਭਾਲ
4. ਜਨਤਕ ਸੰਪਤੀਆਂ
-ਹਰਬੰਸ ਲਾਲ ਗਰਗ
ਰਾਮਲੀਲਾ ਦੌਰਾਨ ਬਾਲੀ ਵਧ ਦਾ ਮੰਚਨ ਕੀਤਾ
ਐਸ.ਏ.ਐਸ. ਨਗਰ, 30 ਸਤੰਬਰ (ਪੈਗ਼ਾਮ-ਏ-ਜਗਤ)
ਸ੍ਰੀ ਰਾਮਲੀਲਾ ਅਤੇ ਦੁਸਹਿਰਾ ਕਮੇਟੀ ਫੇਜ਼-1 ਮੁਹਾਲੀ ਵੱਲੋਂ ਕਰਵਾਈ ਜਾ ਰਹੀ ਰਾਮਲੀਲਾ ਦੌਰਾਨ ਬੀਤੀ ਰਾਤ ਬਾਲੀ ਵਧ ਦਾ ਮੰਚਨ ਕੀਤਾ ਗਿਆ। ਇਸ ਮੌਕੇ ਰਾਮਲੀਲਾ ਦੇਖਣ ਆਏ ਦਰਸ਼ਕਾਂ ਨੇ ਕਲਾਕਾਰਾਂ ਦੀ ਅਦਾਕਾਰੀ ਦੀ ਭਰਪੂਰ ਪ੍ਰਸ਼ੰਸਾ ਕੀਤੀ। ਕਮੇਟੀ ਦੇ ਪ੍ਰਧਾਨ ਅਤੇ ਸਮੂਹ ਮੈਂਬਰਾਂ ਨੇ ਦੱਸਿਆ ਕਿ ਰਾਮਲੀਲਾ ਵਿੱਚ ਸੰਦੀਪ ਰਾਣਾ ਨੇ ਲਕਸ਼ਮਣ, ਸੁਗਰੀਵ ਦੀ ਭੂਮਿਕਾ ਸਿਕੰਦਰ ਰਾਣਾ, ਗੌਰਵ ਗੌਤਮ ਨੇ ਹਨੂਮਾਨ, ਅਸ਼ਿਨ ਭੱਟ ਨੇ ਬਾਲੀ, ਆਰੀਅਨ ਭਾਟੀਆ ਨੇ ਅੰਗਦ, ਤਰੁਣ ਨੇ ਜਮਵੰਤ, ਸਾਖਵੀ ਸੂਦ ਨੇ ਸ਼ਬਰੀ, ਆਨੰਦ ਨੇ ਨਲ ਅਤੇ ਅਭਿਨੀਤ ਨੇ ਨੀਲ ਦੀ ਭੂਮਿਕਾ ਨਿਭਾਈ।
ਬੂਟਾ ਲਗਾ ਕੇ ਮਨਾਇਆ ਸ਼ਹੀਦ ਭਗਤ ਸਿੰਘ ਦਾ ਜਨਮ ਦਿਹਾੜਾ
ਐਸ.ਏ.ਐਸ. ਨਗਰ, 30 ਸਤੰਬਰ (ਪੈਗ਼ਾਮ-ਏ-ਜਗਤ)
ਵਾਤਾਵਰਣ ਪ੍ਰੇਮੀ ਅਤੇ ਪ੍ਰਧਾਨ ਫਾਈਟ ਫਾਰ ਹਿਊਮਨ ਰਾਈਟਸ ਵੈਲਫੇਅਰ ਦੇ ਪ੍ਰਧਾਨ ਸ. ਜਸਬੀਰ ਸਿੰਘ ਵੱਲੋਂ ਸ਼ਹੀਦ-ਏ-ਆਜ਼ਮ ਸਰਦਾਰ ਭਗਤ ਸਿੰਘ ਦੇ 118ਵੇਂ ਜਨਮ ਦਿਹਾੜੇ ਨੂੰ ਸਮਰਪਿਤ ਗੋਬਿੰਦ ਨਗਰ, ਨਵਾਂ ਗਰਾਊਂਡ ਵਿਖੇ ਹਰਬਲ ਬੂਟਾ ਲਗਾਇਆ ਗਿਆ। ਇਸ ਮੌਕੇ ਸ. ਜਸਬੀਰ ਸਿੰਘ ਨੇ ਕਿਹਾ ਕਿ ਸਾਨੂੰ ਸਭ ਨੂੰ ਸ਼ਹੀਦਾਂ ਦੀ ਯਾਦ ਵਿੱਚ ਵੱਧ ਤੋਂ ਵੱਧ ਬੂਟੇ ਲਗਾਉਣੇ ਚਾਹੀਦੇ ਹਨ। ਉਨ੍ਹਾਂ ਨੇ ਕਿਹਾ ਕਿ ਵਾਤਾਵਰਣ ਦੀ ਸੰਭਾਲ ਲਈ ਸੰਸਥਾ ਵੱਲੋਂ ਲਗਾਤਾਰ ਯਤਨ ਕੀਤੇ ਜਾ ਰਹੇ ਹਨ ਅਤੇ ਵਾਤਾਵਰਣ ਕਾਰਨ ਸਿਹਤ ਨੂੰ ਹੋਣ ਵਾਲੇ ਨੁਕਸਾਨਾਂ ਪ੍ਰਤੀ ਸੈਮੀਨਾਰਾਂ ਅਤੇ ਪ੍ਰਚਾਰ ਰਾਹੀਂ ਲੋਕਾਂ ਨੂੰ ਜਾਗਰੂਕ ਕੀਤਾ ਜਾ ਰਿਹਾ ਹੈ।
ਸਰਕਾਰੀ ਕਾਲਜ ਦੇ ਵਿਦਿਆਰਥੀਆਂ ਨੇ ਮਾਰੀਆਂ ਮੈਡਲਾਂ
ਐਸ.ਏ.ਐਸ. ਨਗਰ, 30 ਸਤੰਬਰ (ਪੈਗ਼ਾਮ-ਏ-ਜਗਤ)
ਸ਼ਹੀਦ ਮੇਜਰ ਹਰਮਿੰਦਰਪਾਲ ਸਿੰਘ ਸਰਕਾਰੀ ਕਾਲਜ ਫੇਜ਼ 6 ਮੁਹਾਲੀ ਦੇ ਵਿਦਿਆਰਥੀਆਂ ਨੇ ਪੰਜਾਬੀ ਯੂਨੀਵਰਸਿਟੀ ਵੱਲੋਂ ਕਰਵਾਏ ਗਏ ਇੰਟਰ-ਕਾਲਜ ਵੇਟਲਿਫਟਿੰਗ ਟੂਰਨਾਮੈਂਟ ਦੌਰਾਨ ਵੱਖ-ਵੱਖ ਮੁਕਾਬਲਿਆਂ ਵਿੱਚ ਪ੍ਰਸ਼ੰਸਾਯੋਗ ਮੈਡਲ ਹਾਸਲ ਕੀਤੇ ਹਨ। ਕਾਲਜ ਦੀ ਪ੍ਰਿੰਸੀਪਲ ਸ੍ਰੀਮਤੀ ਗੁਰਿੰਦਰਜੀਤ ਕੌਰ ਨੇ ਦੱਸਿਆ ਕਿ ਕਾਲਜ ਦੀ ਵਿਦਿਆਰਥਣ ਗੁਰਲੀਨ ਕੌਰ (ਬੀ.ਏ. ਭਾਗ ਪਹਿਲਾ) ਨੇ ਗੋਲਡ ਮੈਡਲ, ਗਗਨਦੀਪ ਸਿੰਘ ਨੇ ਸਿਲਵਰ ਮੈਡਲ ਅਤੇ ਹੋਰ ਖਿਡਾਰੀਆਂ ਨੇ ਵੀ ਮੈਡਲ ਜਿੱਤੇ। ਉਨ੍ਹਾਂ ਦੱਸਿਆ ਕਿ ਇਨ੍ਹਾਂ ਵਿਦਿਆਰਥੀਆਂ ਨੇ ਟੂਰਨਾਮੈਂਟ ਵਿੱਚ ਭਾਗ ਲਿਆ। ਉਨ੍ਹਾਂ ਇਸ ਪ੍ਰਾਪਤੀ ਲਈ ਖਿਡਾਰੀਆਂ ਨੂੰ ਮੁਬਾਰਕਬਾਦ ਦਿੱਤੀ। ਇਸ ਮੌਕੇ ਪ੍ਰੋ. ਨਵਦੀਪ ਸਿੰਘ ਵੱਲੋਂ ਖਿਡਾਰੀਆਂ ਨੂੰ ਹੋਰ ਮਿਹਨਤ ਕਰਨ ਲਈ ਉਤਸ਼ਾਹਿਤ ਕੀਤਾ ਗਿਆ ਅਤੇ ਕਾਲਜ ਦੇ ਸਟਾਫ਼ ਵੱਲੋਂ ਵੀ ਵਿਦਿਆਰਥੀਆਂ ਦੀ ਹੌਸਲਾ ਅਫਜ਼ਾਈ ਕੀਤੀ ਗਈ।
ਦੁਸਹਿਰਾ ਸਮਾਗਮ 2 ਅਕਤੂਬਰ ਨੂੰ
ਐਸ.ਏ.ਐਸ. ਨਗਰ, 30 ਸਤੰਬਰ (ਪੈਗ਼ਾਮ-ਏ-ਜਗਤ)
ਬਾਬਾ ਬਾਲ ਭਾਰਤੀ ਕਮੇਟੀ ਮਟੌਰ ਅਤੇ ਸਤਿਆ ਨਾਰਾਇਣ ਮੰਦਰ ਕਮੇਟੀ ਮਟੌਰ ਵੱਲੋਂ ਦੁਸਹਿਰਾ ਸਮਾਗਮ 2 ਅਕਤੂਬਰ ਨੂੰ ਸ਼ਾਮ 4 ਵਜੇ ਤੋਂ ਅਮਰ ਹਸਪਤਾਲ ਦੇ ਪਿੱਛੇ ਗ੍ਰਾਊਂਡ, ਸੈਕਟਰ 70, ਮੁਹਾਲੀ ਵਿਖੇ ਧੂਮਧਾਮ ਨਾਲ ਮਨਾਇਆ ਜਾ ਰਿਹਾ ਹੈ। ਇਸ ਸਬੰਧੀ ਜਾਣਕਾਰੀ ਦਿੰਦਿਆਂ ਕਮੇਟੀ ਦੇ ਚੇਅਰਮੈਨ ਨੇ ਦੱਸਿਆ ਕਿ ਸਮਾਗਮ ਦੌਰਾਨ ਰਾਵਣ, ਮੇਘਨਾਥ ਅਤੇ ਕੁੰਭਕਰਨ ਦੇ ਪੁਤਲੇ ਫੂਕੇ ਜਾਣਗੇ ਅਤੇ ਸ਼ਾਨਦਾਰ ਆਤਿਸ਼ਬਾਜ਼ੀ ਵੀ ਕੀਤੀ ਜਾਵੇਗੀ।
ਚੋਣ ਕਮਿਸ਼ਨ ਦੀਆਂ ਸਰਗਰਮੀਆਂ ਤੋਂ ਜਾਣੂ ਹੋਣ ਲਈ ਸੀ.ਈ.ਓ. ਪੰਜਾਬ ਦੇ ਸੋਸ਼ਲ ਮੀਡੀਆ ਪਲੇਟ.ਫਾਰਮਾਂ ਨੂੰ ਕੀਤਾ ਜਾਵੇ ਫਾਲੋ : ਜ਼ਿਲਾ ਚੋਣ ਅਫਸਰ
ਪੈ.ਗਾਮ-ਏ-ਜਗਤ
ਨਵਾਂਸ਼ਹਿਰ (ਸਤਨਾਮ ਸਿੰਘ ਸਹੂੰਗੜਾ)
ਡਿਪਟੀ ਕਮਿਸ਼ਨਰ-ਕਮ- ਜ਼ਿਲ੍ਹਾ ਚੋਣ ਅਧਿਕਾਰੀ ਅੰਕੁਰਜੀਤ ਸਿੰਘ ਨੇ ਜ਼ਿਲ੍ਹੇ ਦੇ ਸਮੂਹ ਚੋਣਕਾਰ ਰਜਿਸਟ੍ਰੇਸ਼ਨ ਅਫ਼ਸਰਾਂ ਨੂੰ ਹਦਾਇਤ ਕੀਤੀ ਹੈ ਕਿ ਉਹ ਆਪਣੇ ਅਧੀਨ ਆਉਂਦੇ ਸਹਾਇਕ ਸਵੀਪ ਨੋਡਲ ਅਫ਼ਸਰਾਂ, ਬੀ.ਐਲ.ਓ. ਸੁਪਰਵਾਈਜ਼ਰਾਂ ਅਤੇ ਬੀ.ਐਲ.ਓਜ਼. ਨੂੰ ਪੰਜਾਬ ਦੇ ਮੁੱਖ ਚੋਣ ਅਧਿਕਾਰੀ ਦੇ ਸੋਸ਼ਲ ਮੀਡੀਆ ਪਲੇਟਫਾਰਮਾਂ ਦੇ ਲਿੰਕ ਨੂੰ ਫਾਲੋ ਕੀਤਾ ਜਾਵੇ। ਡਿਪਟੀ ਕਮਿਸ਼ਨਰ ਨੇ ਕਿਹਾ ਕਿ ਪੰਜਾਬ ਦੇ ਮੁੱਖ ਚੋਣ ਅਫਸਰ ਦੀਆਂ ਸਰਗਰਮੀਆਂ ਦੀ ਜਾਣਕਾਰੀ ਇਨ੍ਹਾਂ ਲਿੰਕਾਂ ਤੋਂ ਹਾਸਲ ਕੀਤੀ ਜਾ ਸਕਦੀ ਹੈ। ਉਨ੍ਹਾਂ ਕਿਹਾ ਕਿ ਇਹ ਲਿੰਕ
https://www.facebook.com/TheCEOPunjab/, https://x.com/TheCEOPunjab,
https://www.instagram.com/theceopunjab/,
https://www.youtube.com/@TheCEOPunjab ਨੂੰ ਫਾਲੋ ਕੀਤਾ ਜਾਵੇ।
ਚੋਣ ਅਫ਼ਸਰ ਨੇ ਕਿਹਾ ਕਿ ਲੋਕਾਂ ਤੱਕ ਵੋਟਰ ਜਾਗਰੂਕਤਾ ਸਬੰਧੀ ਸਹੀ ਜਾਣਕਾਰੀ ਪਹੁੰਚਾਉਣ ਲਈ ਸੋਸ਼ਲ ਮੀਡੀਆ ਇੱਕ ਅਹਿਮ ਸਾਧਨ ਹੈ ਅਤੇ ਸਮੂਹ ਅਧਿਕਾਰੀ ਇਨ੍ਹਾਂ ਪਲੇਟਫਾਰਮਾਂ ਤੋਂ ਪ੍ਰਾਪਤ ਜਾਣਕਾਰੀ ਨੂੰ ਅੱਗੇ ਸਾਂਝਾ ਕਰਨ।
ਗੁਰਦੁਆਰਾ ਸਿੰਘ ਸ਼ਹੀਦਾਂ ਸੋਹਾਣਾ ਵਿਖੇ 2 ਅਕਤੂਬਰ ਨੂੰ ਮਨਾਇਆ ਜਾਵੇਗਾ ਦਸਵੀਂ ਦਾ ਦਿਹਾੜਾ
ਐਸ.ਏ.ਐਸ. ਨਗਰ, 30 ਸਤੰਬਰ (ਪੈਗ਼ਾਮ-ਏ-ਜਗਤ)
ਨੇੜਲੇ ਪਿੰਡ ਸੋਹਾਣਾ ਦੇ ਇਤਿਹਾਸਕ ਗੁਰਦੁਆਰਾ ਸਿੰਘ ਸ਼ਹੀਦਾਂ ਵਿਖੇ ਦਸਵੀਂ ਦਾ ਦਿਹਾੜਾ 2 ਅਕਤੂਬਰ ਨੂੰ ਬੜੀ ਸ਼ਰਧਾ ਭਾਵਨਾ ਨਾਲ ਉਤਸ਼ਾਹਪੂਰਵਕ ਮਨਾਇਆ ਜਾਵੇਗਾ। ਇਸ ਸਬੰਧੀ ਜਾਣਕਾਰੀ ਦਿੰਦਿਆਂ ਪ੍ਰਬੰਧਕ ਕਮੇਟੀ ਦੇ ਬੁਲਾਰੇ ਨੇ ਦੱਸਿਆ ਕਿ ਇਸ ਦਿਨ ਸਵੇਰੇ ਸ੍ਰੀ ਅਖੰਡ ਪਾਠ ਸਾਹਿਬ ਦੇ ਭੋਗ ਉਪਰੰਤ ਸਾਰਾ ਦਿਨ ਧਾਰਮਿਕ ਦੀਵਾਨ ਸਜਾਏ ਜਾਣਗੇ, ਜਿਸ ਵਿੱਚ ਪੰਥ ਦੇ ਪ੍ਰਸਿੱਧ ਰਾਗੀ, ਢਾਡੀ, ਕਵੀਸ਼ਰੀ ਅਤੇ ਕਥਾਵਾਚਕ ਗੁਰਬਾਣੀ ਕੀਰਤਨ ਅਤੇ ਗੁਰ ਇਤਿਹਾਸ ਦੁਆਰਾ ਸੰਗਤਾਂ ਨੂੰ ਨਿਹਾਲ ਕਰਨਗੇ। ਇਸ ਮੌਕੇ ਗੁਰੂ ਕਾ ਲੰਗਰ ਅਤੁੱਟ ਵਰਤਾਇਆ ਜਾਵੇਗਾ।
